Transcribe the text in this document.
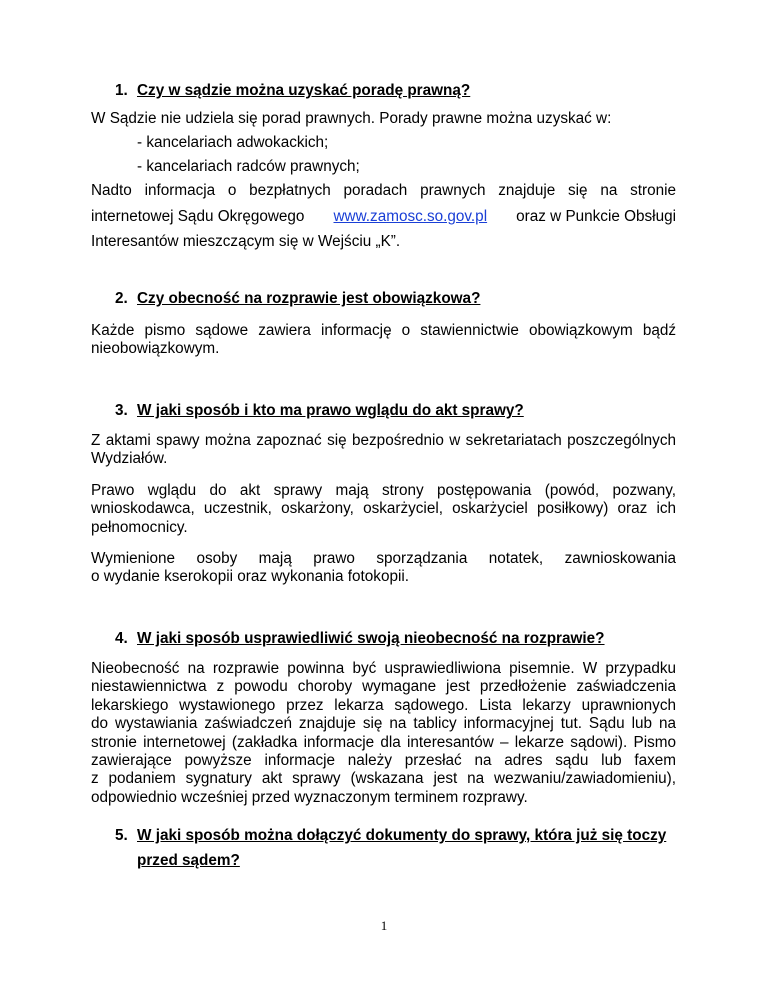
1. Czy w sądzie można uzyskać poradę prawną?
W Sądzie nie udziela się porad prawnych. Porady prawne można uzyskać w:
- kancelariach adwokackich;
- kancelariach radców prawnych;
Nadto informacja o bezpłatnych poradach prawnych znajduje się na stronie
internetowej Sądu Okręgowego www.zamosc.so.gov.pl oraz w Punkcie Obsługi
Interesantów mieszczącym się w Wejściu „K”.
2. Czy obecność na rozprawie jest obowiązkowa?
Każde pismo sądowe zawiera informację o stawiennictwie obowiązkowym bądź
nieobowiązkowym.
3. W jaki sposób i kto ma prawo wglądu do akt sprawy?
Z aktami spawy można zapoznać się bezpośrednio w sekretariatach poszczególnych
Wydziałów.
Prawo wglądu do akt sprawy mają strony postępowania (powód, pozwany,
wnioskodawca, uczestnik, oskarżony, oskarżyciel, oskarżyciel posiłkowy) oraz ich
pełnomocnicy.
Wymienione osoby mają prawo sporządzania notatek, zawnioskowania
o wydanie kserokopii oraz wykonania fotokopii.
4. W jaki sposób usprawiedliwić swoją nieobecność na rozprawie?
Nieobecność na rozprawie powinna być usprawiedliwiona pisemnie. W przypadku
niestawiennictwa z powodu choroby wymagane jest przedłożenie zaświadczenia
lekarskiego wystawionego przez lekarza sądowego. Lista lekarzy uprawnionych
do wystawiania zaświadczeń znajduje się na tablicy informacyjnej tut. Sądu lub na
stronie internetowej (zakładka informacje dla interesantów – lekarze sądowi). Pismo
zawierające powyższe informacje należy przesłać na adres sądu lub faxem
z podaniem sygnatury akt sprawy (wskazana jest na wezwaniu/zawiadomieniu),
odpowiednio wcześniej przed wyznaczonym terminem rozprawy.
5. W jaki sposób można dołączyć dokumenty do sprawy, która już się toczy
przed sądem?
1
